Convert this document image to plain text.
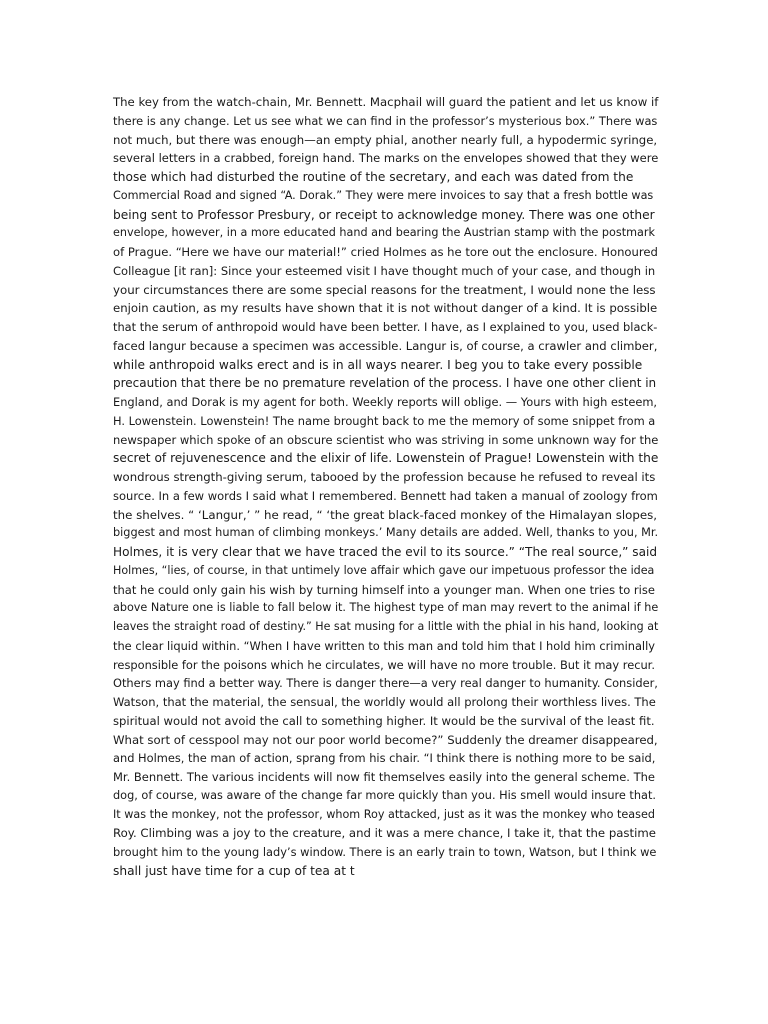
The key from the watch-chain, Mr. Bennett. Macphail will guard the patient and let us know if
there is any change. Let us see what we can find in the professor’s mysterious box.” There was
not much, but there was enough—an empty phial, another nearly full, a hypodermic syringe,
several letters in a crabbed, foreign hand. The marks on the envelopes showed that they were
those which had disturbed the routine of the secretary, and each was dated from the
Commercial Road and signed “A. Dorak.” They were mere invoices to say that a fresh bottle was
being sent to Professor Presbury, or receipt to acknowledge money. There was one other
envelope, however, in a more educated hand and bearing the Austrian stamp with the postmark
of Prague. “Here we have our material!” cried Holmes as he tore out the enclosure. Honoured
Colleague [it ran]: Since your esteemed visit I have thought much of your case, and though in
your circumstances there are some special reasons for the treatment, I would none the less
enjoin caution, as my results have shown that it is not without danger of a kind. It is possible
that the serum of anthropoid would have been better. I have, as I explained to you, used black-
faced langur because a specimen was accessible. Langur is, of course, a crawler and climber,
while anthropoid walks erect and is in all ways nearer. I beg you to take every possible
precaution that there be no premature revelation of the process. I have one other client in
England, and Dorak is my agent for both. Weekly reports will oblige. — Yours with high esteem,
H. Lowenstein. Lowenstein! The name brought back to me the memory of some snippet from a
newspaper which spoke of an obscure scientist who was striving in some unknown way for the
secret of rejuvenescence and the elixir of life. Lowenstein of Prague! Lowenstein with the
wondrous strength-giving serum, tabooed by the profession because he refused to reveal its
source. In a few words I said what I remembered. Bennett had taken a manual of zoology from
the shelves. “ ‘Langur,’ ” he read, “ ‘the great black-faced monkey of the Himalayan slopes,
biggest and most human of climbing monkeys.’ Many details are added. Well, thanks to you, Mr.
Holmes, it is very clear that we have traced the evil to its source.” “The real source,” said
Holmes, “lies, of course, in that untimely love affair which gave our impetuous professor the idea
that he could only gain his wish by turning himself into a younger man. When one tries to rise
above Nature one is liable to fall below it. The highest type of man may revert to the animal if he
leaves the straight road of destiny.” He sat musing for a little with the phial in his hand, looking at
the clear liquid within. “When I have written to this man and told him that I hold him criminally
responsible for the poisons which he circulates, we will have no more trouble. But it may recur.
Others may find a better way. There is danger there—a very real danger to humanity. Consider,
Watson, that the material, the sensual, the worldly would all prolong their worthless lives. The
spiritual would not avoid the call to something higher. It would be the survival of the least fit.
What sort of cesspool may not our poor world become?” Suddenly the dreamer disappeared,
and Holmes, the man of action, sprang from his chair. “I think there is nothing more to be said,
Mr. Bennett. The various incidents will now fit themselves easily into the general scheme. The
dog, of course, was aware of the change far more quickly than you. His smell would insure that.
It was the monkey, not the professor, whom Roy attacked, just as it was the monkey who teased
Roy. Climbing was a joy to the creature, and it was a mere chance, I take it, that the pastime
brought him to the young lady’s window. There is an early train to town, Watson, but I think we
shall just have time for a cup of tea at t
